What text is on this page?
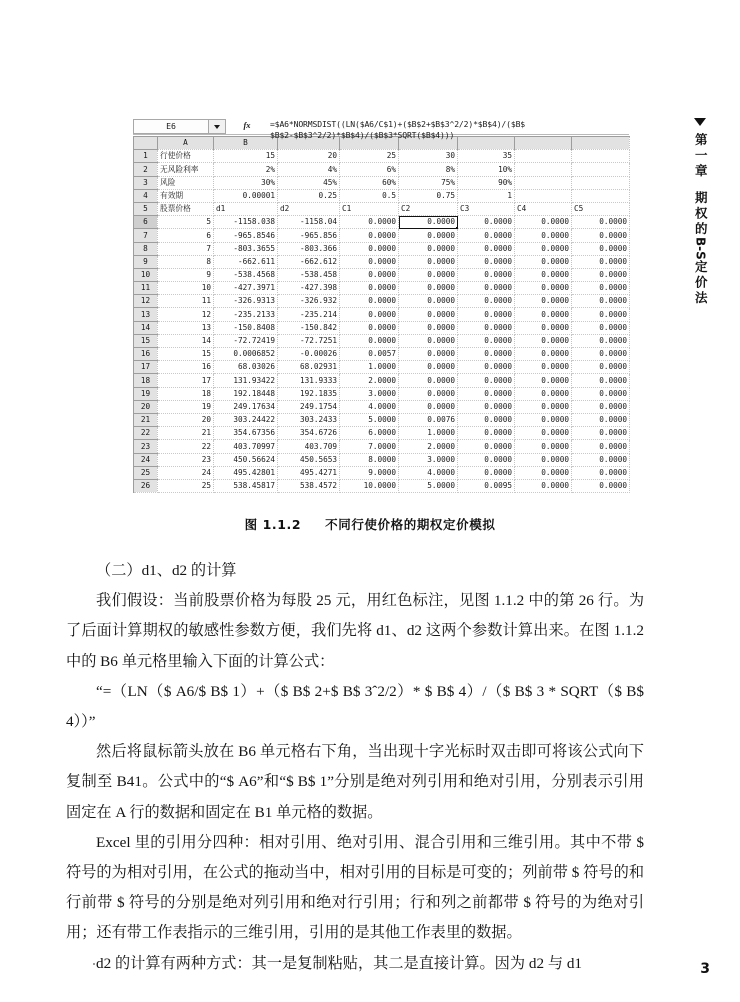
第一章
期权的
B-S
定价法
E6	fx	=$A6*NORMSDIST((LN($A6/C$1)+($B$2+$B$3^2/2)*$B$4)/($B$
$B$2-$B$3^2/2)*$B$4)/($B$3*SQRT($B$4)))
	A	B						
1	行使价格	15	20	25	30	35		
2	无风险利率	2%	4%	6%	8%	10%		
3	风险	30%	45%	60%	75%	90%		
4	有效期	0.00001	0.25	0.5	0.75	1		
5	股票价格	d1	d2	C1	C2	C3	C4	C5
6	5	-1158.038	-1158.04	0.0000	0.0000	0.0000	0.0000	0.0000
7	6	-965.8546	-965.856	0.0000	0.0000	0.0000	0.0000	0.0000
8	7	-803.3655	-803.366	0.0000	0.0000	0.0000	0.0000	0.0000
9	8	-662.611	-662.612	0.0000	0.0000	0.0000	0.0000	0.0000
10	9	-538.4568	-538.458	0.0000	0.0000	0.0000	0.0000	0.0000
11	10	-427.3971	-427.398	0.0000	0.0000	0.0000	0.0000	0.0000
12	11	-326.9313	-326.932	0.0000	0.0000	0.0000	0.0000	0.0000
13	12	-235.2133	-235.214	0.0000	0.0000	0.0000	0.0000	0.0000
14	13	-150.8408	-150.842	0.0000	0.0000	0.0000	0.0000	0.0000
15	14	-72.72419	-72.7251	0.0000	0.0000	0.0000	0.0000	0.0000
16	15	0.0006852	-0.00026	0.0057	0.0000	0.0000	0.0000	0.0000
17	16	68.03026	68.02931	1.0000	0.0000	0.0000	0.0000	0.0000
18	17	131.93422	131.9333	2.0000	0.0000	0.0000	0.0000	0.0000
19	18	192.18448	192.1835	3.0000	0.0000	0.0000	0.0000	0.0000
20	19	249.17634	249.1754	4.0000	0.0000	0.0000	0.0000	0.0000
21	20	303.24422	303.2433	5.0000	0.0076	0.0000	0.0000	0.0000
22	21	354.67356	354.6726	6.0000	1.0000	0.0000	0.0000	0.0000
23	22	403.70997	403.709	7.0000	2.0000	0.0000	0.0000	0.0000
24	23	450.56624	450.5653	8.0000	3.0000	0.0000	0.0000	0.0000
25	24	495.42801	495.4271	9.0000	4.0000	0.0000	0.0000	0.0000
26	25	538.45817	538.4572	10.0000	5.0000	0.0095	0.0000	0.0000
图 1.1.2 不同行使价格的期权定价模拟

（二）d1、d2 的计算

我们假设：当前股票价格为每股 25 元，用红色标注，见图 1.1.2 中的第 26 行。为了后面计算期权的敏感性参数方便，我们先将 d1、d2 这两个参数计算出来。在图 1.1.2 中的 B6 单元格里输入下面的计算公式：

“=（LN（$ A6/$ B$ 1）+（$ B$ 2+$ B$ 3ˆ2/2）* $ B$ 4）/（$ B$ 3 * SQRT（$ B$ 4））”

然后将鼠标箭头放在 B6 单元格右下角，当出现十字光标时双击即可将该公式向下复制至 B41。公式中的“$ A6”和“$ B$ 1”分别是绝对列引用和绝对引用，分别表示引用固定在 A 行的数据和固定在 B1 单元格的数据。

Excel 里的引用分四种：相对引用、绝对引用、混合引用和三维引用。其中不带 $ 符号的为相对引用，在公式的拖动当中，相对引用的目标是可变的；列前带 $ 符号的和行前带 $ 符号的分别是绝对列引用和绝对行引用；行和列之前都带 $ 符号的为绝对引用；还有带工作表指示的三维引用，引用的是其他工作表里的数据。

d2 的计算有两种方式：其一是复制粘贴，其二是直接计算。因为 d2 与 d1	3
